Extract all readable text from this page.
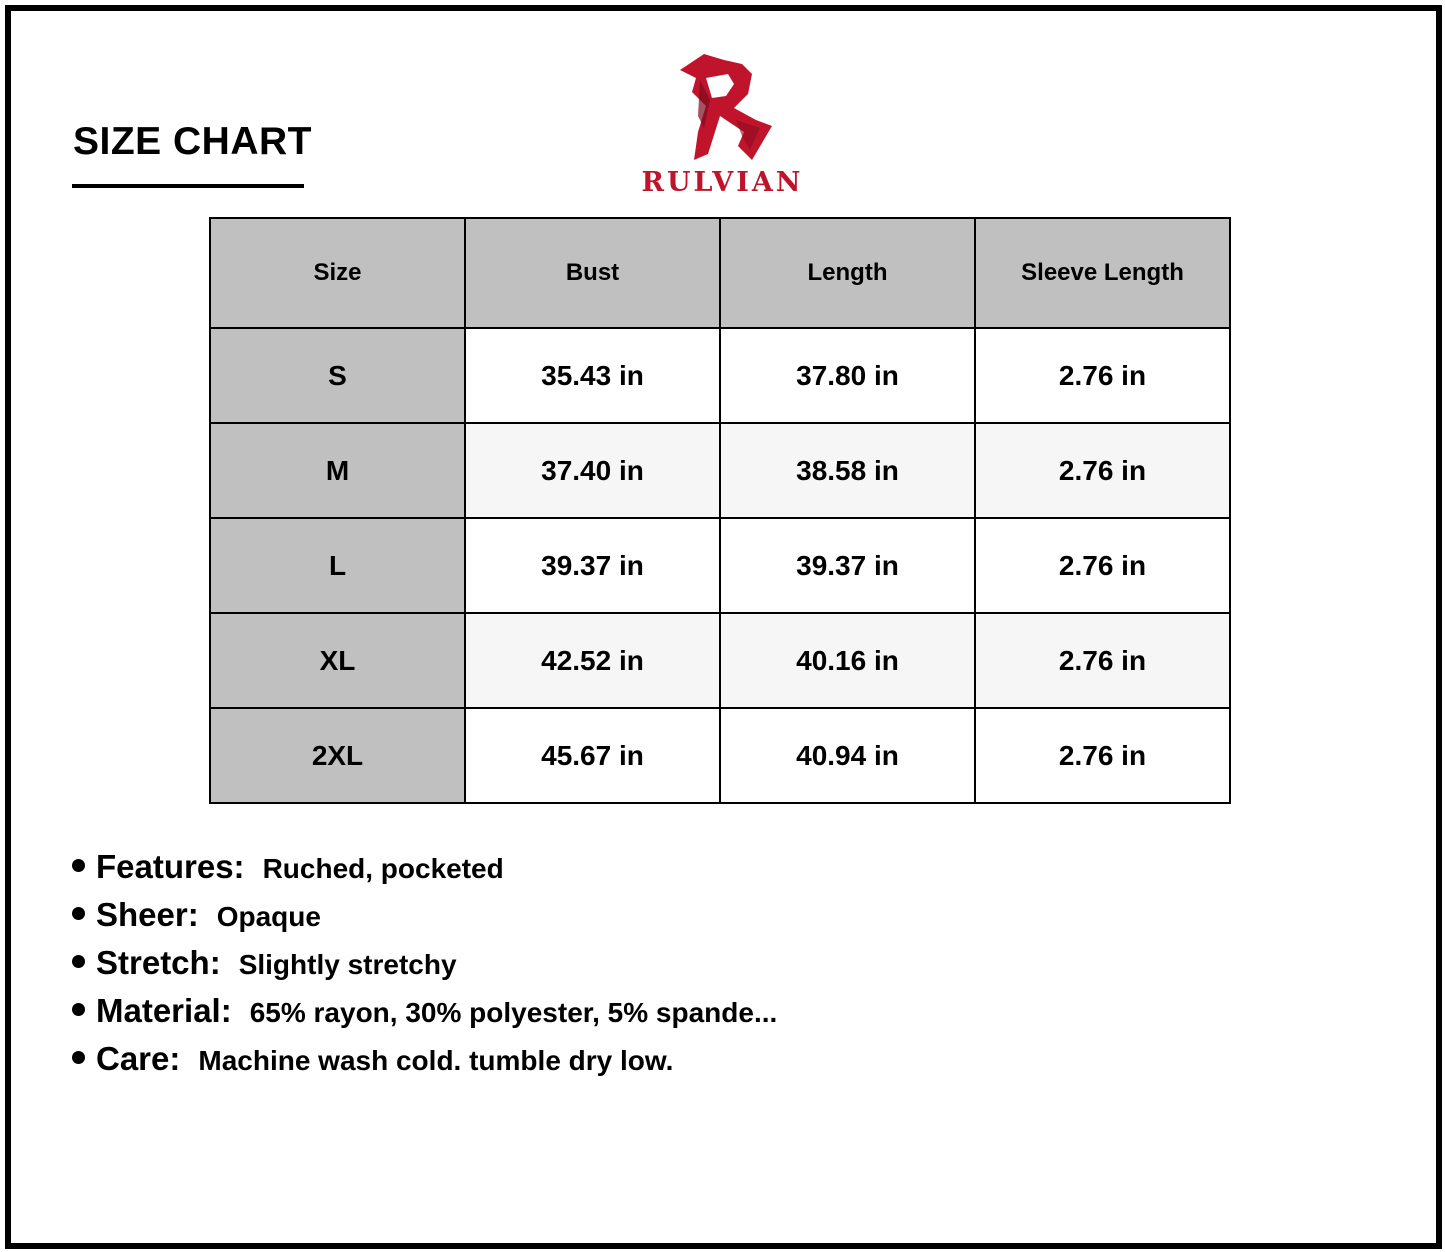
SIZE CHART
RULVIAN
Size	Bust	Length	Sleeve Length
S	35.43 in	37.80 in	2.76 in
M	37.40 in	38.58 in	2.76 in
L	39.37 in	39.37 in	2.76 in
XL	42.52 in	40.16 in	2.76 in
2XL	45.67 in	40.94 in	2.76 in
Features: Ruched, pocketed
Sheer: Opaque
Stretch: Slightly stretchy
Material: 65% rayon, 30% polyester, 5% spande...
Care: Machine wash cold. tumble dry low.
